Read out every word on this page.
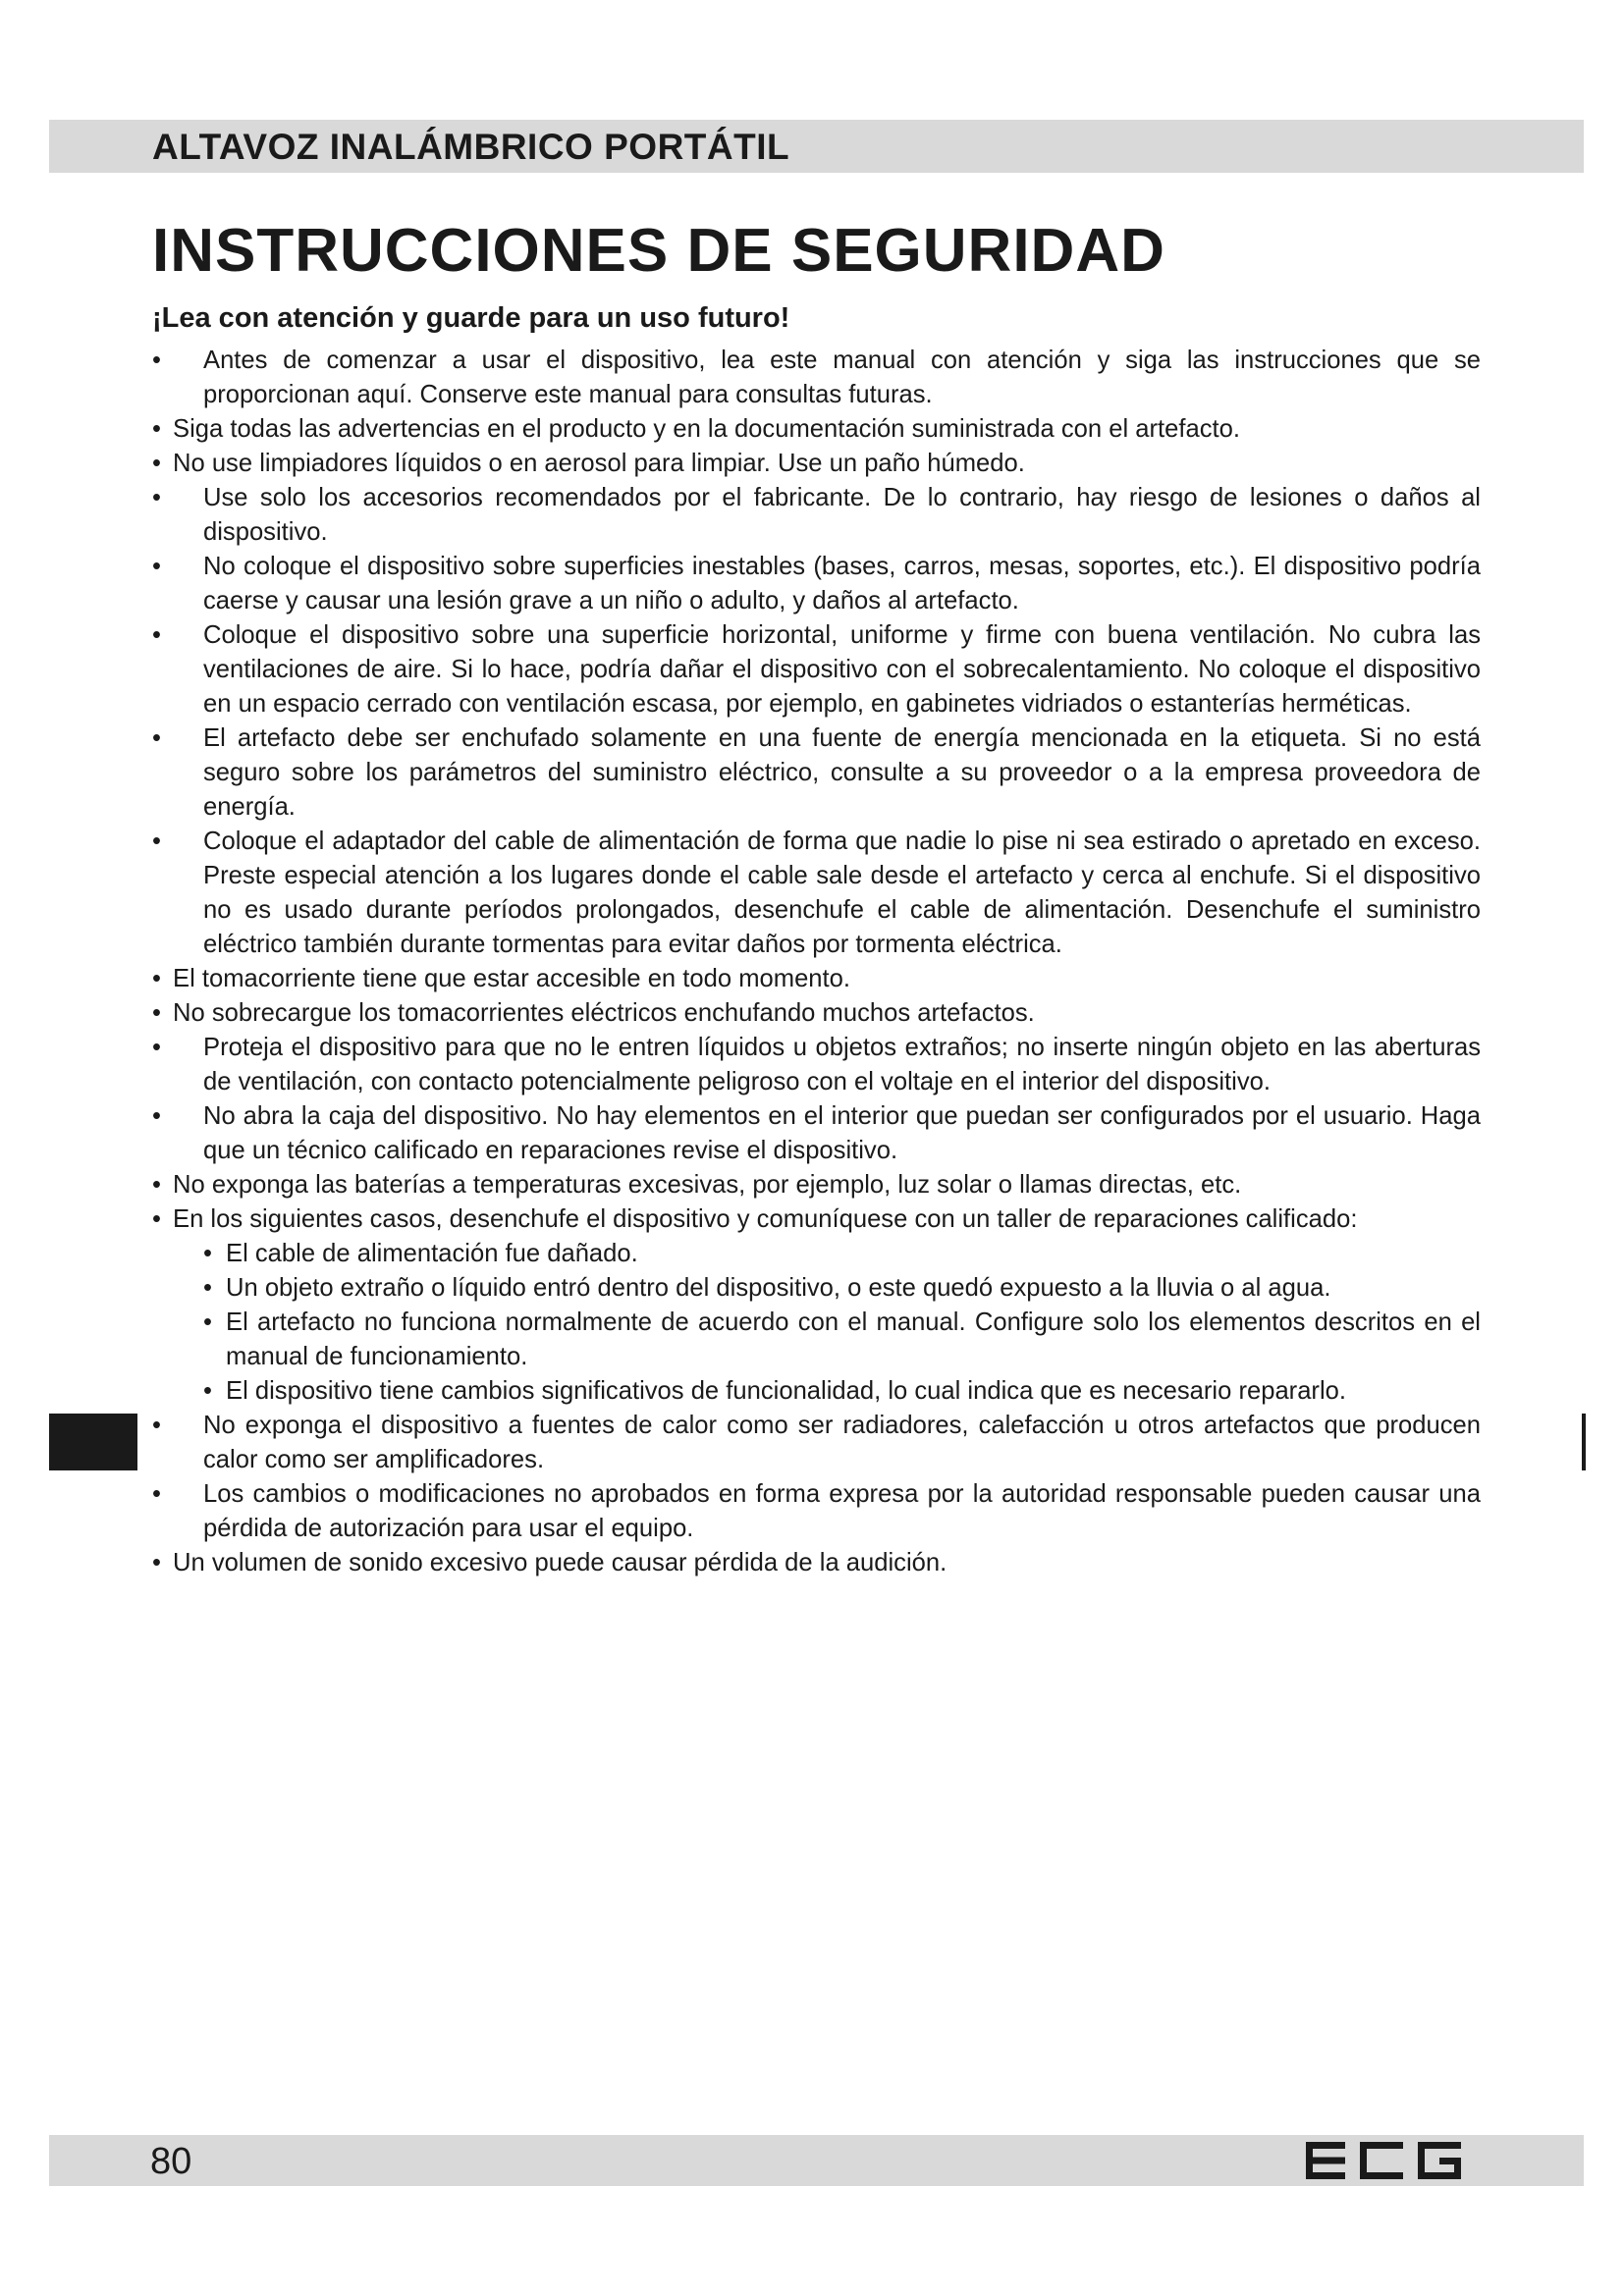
ALTAVOZ INALÁMBRICO PORTÁTIL
INSTRUCCIONES DE SEGURIDAD
¡Lea con atención y guarde para un uso futuro!
• Antes de comenzar a usar el dispositivo, lea este manual con atención y siga las instrucciones que se proporcionan aquí. Conserve este manual para consultas futuras.
• Siga todas las advertencias en el producto y en la documentación suministrada con el artefacto.
• No use limpiadores líquidos o en aerosol para limpiar. Use un paño húmedo.
• Use solo los accesorios recomendados por el fabricante. De lo contrario, hay riesgo de lesiones o daños al dispositivo.
• No coloque el dispositivo sobre superficies inestables (bases, carros, mesas, soportes, etc.). El dispositivo podría caerse y causar una lesión grave a un niño o adulto, y daños al artefacto.
• Coloque el dispositivo sobre una superficie horizontal, uniforme y firme con buena ventilación. No cubra las ventilaciones de aire. Si lo hace, podría dañar el dispositivo con el sobrecalentamiento. No coloque el dispositivo en un espacio cerrado con ventilación escasa, por ejemplo, en gabinetes vidriados o estanterías herméticas.
• El artefacto debe ser enchufado solamente en una fuente de energía mencionada en la etiqueta. Si no está seguro sobre los parámetros del suministro eléctrico, consulte a su proveedor o a la empresa proveedora de energía.
• Coloque el adaptador del cable de alimentación de forma que nadie lo pise ni sea estirado o apretado en exceso. Preste especial atención a los lugares donde el cable sale desde el artefacto y cerca al enchufe. Si el dispositivo no es usado durante períodos prolongados, desenchufe el cable de alimentación. Desenchufe el suministro eléctrico también durante tormentas para evitar daños por tormenta eléctrica.
• El tomacorriente tiene que estar accesible en todo momento.
• No sobrecargue los tomacorrientes eléctricos enchufando muchos artefactos.
• Proteja el dispositivo para que no le entren líquidos u objetos extraños; no inserte ningún objeto en las aberturas de ventilación, con contacto potencialmente peligroso con el voltaje en el interior del dispositivo.
• No abra la caja del dispositivo. No hay elementos en el interior que puedan ser configurados por el usuario. Haga que un técnico calificado en reparaciones revise el dispositivo.
• No exponga las baterías a temperaturas excesivas, por ejemplo, luz solar o llamas directas, etc.
• En los siguientes casos, desenchufe el dispositivo y comuníquese con un taller de reparaciones calificado:
• El cable de alimentación fue dañado.
• Un objeto extraño o líquido entró dentro del dispositivo, o este quedó expuesto a la lluvia o al agua.
• El artefacto no funciona normalmente de acuerdo con el manual. Configure solo los elementos descritos en el manual de funcionamiento.
• El dispositivo tiene cambios significativos de funcionalidad, lo cual indica que es necesario repararlo.
• No exponga el dispositivo a fuentes de calor como ser radiadores, calefacción u otros artefactos que producen calor como ser amplificadores.
• Los cambios o modificaciones no aprobados en forma expresa por la autoridad responsable pueden causar una pérdida de autorización para usar el equipo.
• Un volumen de sonido excesivo puede causar pérdida de la audición.
80
